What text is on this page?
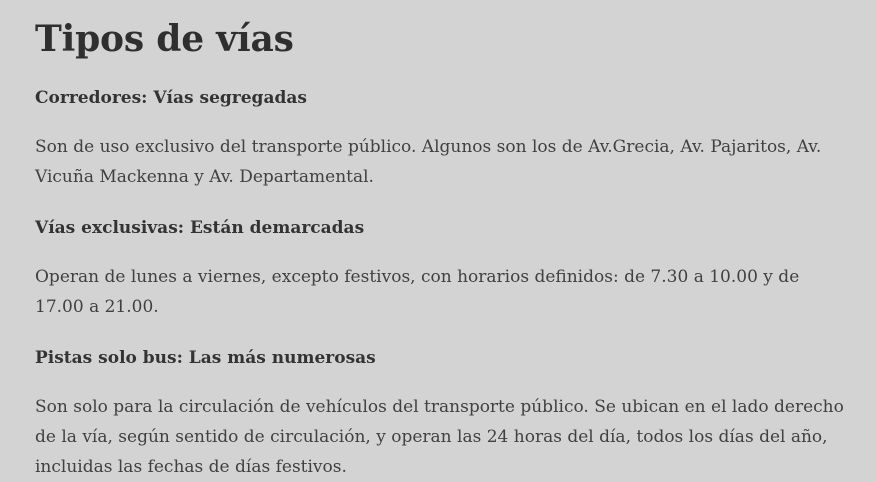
Tipos de vías

Corredores: Vías segregadas

Son de uso exclusivo del transporte público. Algunos son los de Av.Grecia, Av. Pajaritos, Av. Vicuña Mackenna y Av. Departamental.

Vías exclusivas: Están demarcadas

Operan de lunes a viernes, excepto festivos, con horarios definidos: de 7.30 a 10.00 y de 17.00 a 21.00.

Pistas solo bus: Las más numerosas

Son solo para la circulación de vehículos del transporte público. Se ubican en el lado derecho de la vía, según sentido de circulación, y operan las 24 horas del día, todos los días del año, incluidas las fechas de días festivos.
